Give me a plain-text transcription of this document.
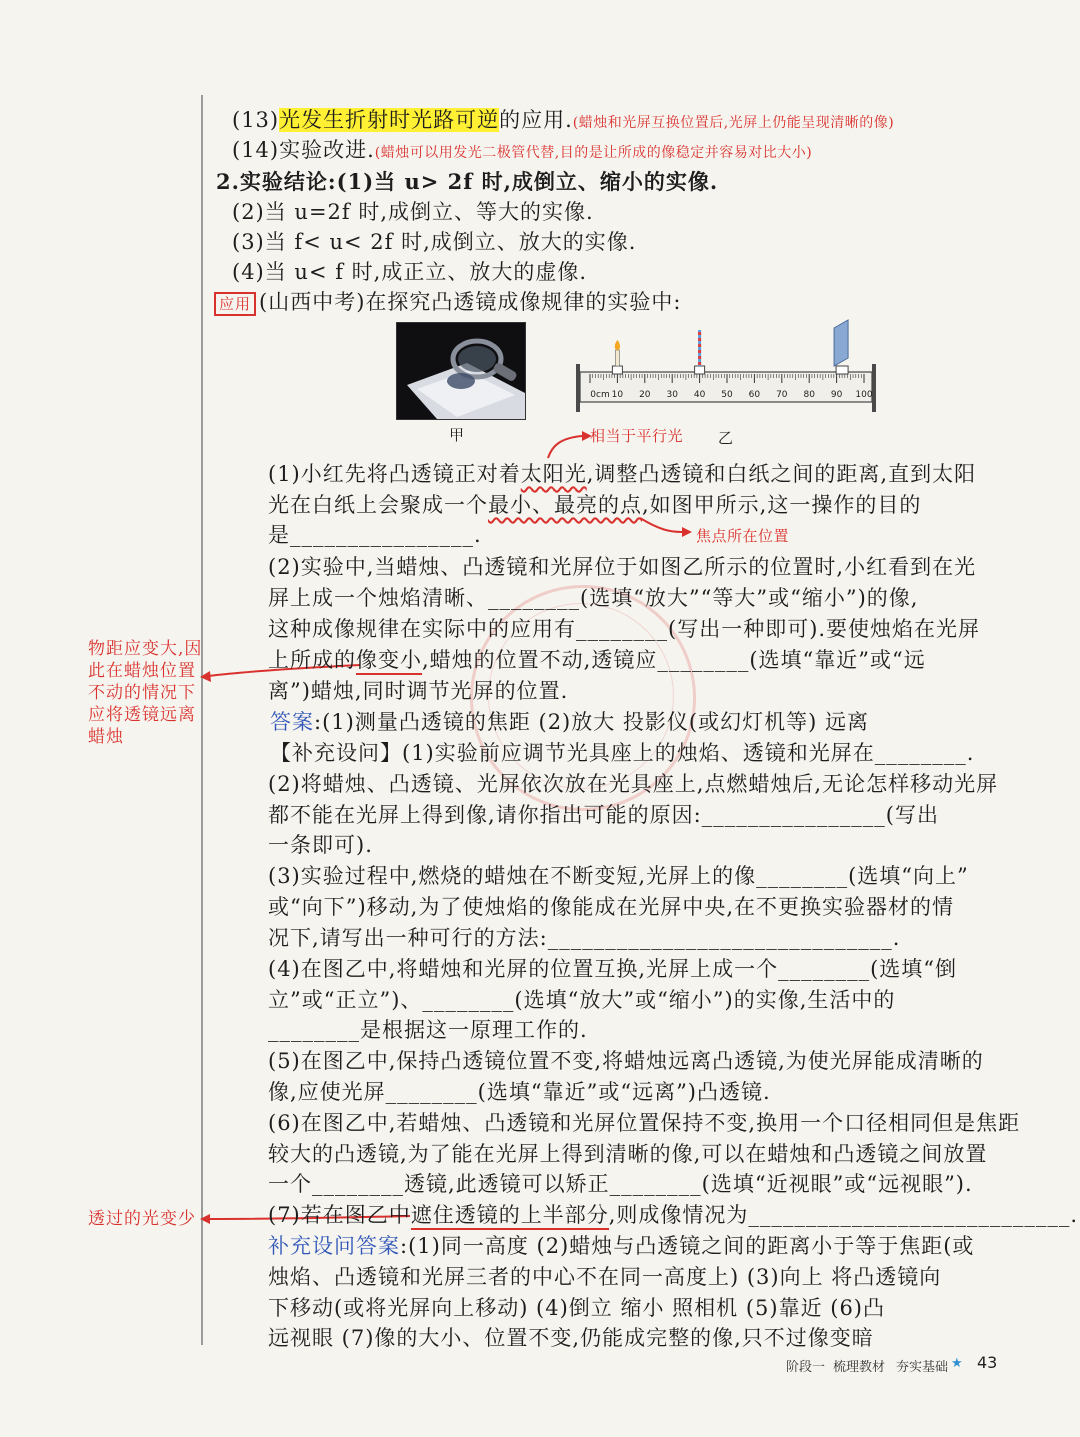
(13)光发生折射时光路可逆的应用.(蜡烛和光屏互换位置后,光屏上仍能呈现清晰的像)
(14)实验改进.(蜡烛可以用发光二极管代替,目的是让所成的像稳定并容易对比大小)
2.实验结论:(1)当 u> 2f 时,成倒立、缩小的实像.
(2)当 u=2f 时,成倒立、等大的实像.
(3)当 f< u< 2f 时,成倒立、放大的实像.
(4)当 u< f 时,成正立、放大的虚像.
应用 (山西中考)在探究凸透镜成像规律的实验中:
甲
0cm 10 20 30 40 50 60 70 80 90 100
乙
相当于平行光
(1)小红先将凸透镜正对着太阳光,调整凸透镜和白纸之间的距离,直到太阳
光在白纸上会聚成一个最小、最亮的点,如图甲所示,这一操作的目的
是________________.	焦点所在位置
(2)实验中,当蜡烛、凸透镜和光屏位于如图乙所示的位置时,小红看到在光
屏上成一个烛焰清晰、________(选填“放大”“等大”或“缩小”)的像,
这种成像规律在实际中的应用有________(写出一种即可).要使烛焰在光屏
上所成的像变小,蜡烛的位置不动,透镜应________(选填“靠近”或“远
离”)蜡烛,同时调节光屏的位置.
物距应变大,因此在蜡烛位置不动的情况下应将透镜远离蜡烛
答案:(1)测量凸透镜的焦距 (2)放大 投影仪(或幻灯机等) 远离
【补充设问】(1)实验前应调节光具座上的烛焰、透镜和光屏在________.
(2)将蜡烛、凸透镜、光屏依次放在光具座上,点燃蜡烛后,无论怎样移动光屏
都不能在光屏上得到像,请你指出可能的原因:________________(写出
一条即可).
(3)实验过程中,燃烧的蜡烛在不断变短,光屏上的像________(选填“向上”
或“向下”)移动,为了使烛焰的像能成在光屏中央,在不更换实验器材的情
况下,请写出一种可行的方法:______________________________.
(4)在图乙中,将蜡烛和光屏的位置互换,光屏上成一个________(选填“倒
立”或“正立”)、________(选填“放大”或“缩小”)的实像,生活中的
________是根据这一原理工作的.
(5)在图乙中,保持凸透镜位置不变,将蜡烛远离凸透镜,为使光屏能成清晰的
像,应使光屏________(选填“靠近”或“远离”)凸透镜.
(6)在图乙中,若蜡烛、凸透镜和光屏位置保持不变,换用一个口径相同但是焦距
较大的凸透镜,为了能在光屏上得到清晰的像,可以在蜡烛和凸透镜之间放置
一个________透镜,此透镜可以矫正________(选填“近视眼”或“远视眼”).
(7)若在图乙中遮住透镜的上半部分,则成像情况为____________________________.
透过的光变少
补充设问答案:(1)同一高度 (2)蜡烛与凸透镜之间的距离小于等于焦距(或
烛焰、凸透镜和光屏三者的中心不在同一高度上) (3)向上 将凸透镜向
下移动(或将光屏向上移动) (4)倒立 缩小 照相机 (5)靠近 (6)凸
远视眼 (7)像的大小、位置不变,仍能成完整的像,只不过像变暗
阶段一 梳理教材 夯实基础 ★ 43
